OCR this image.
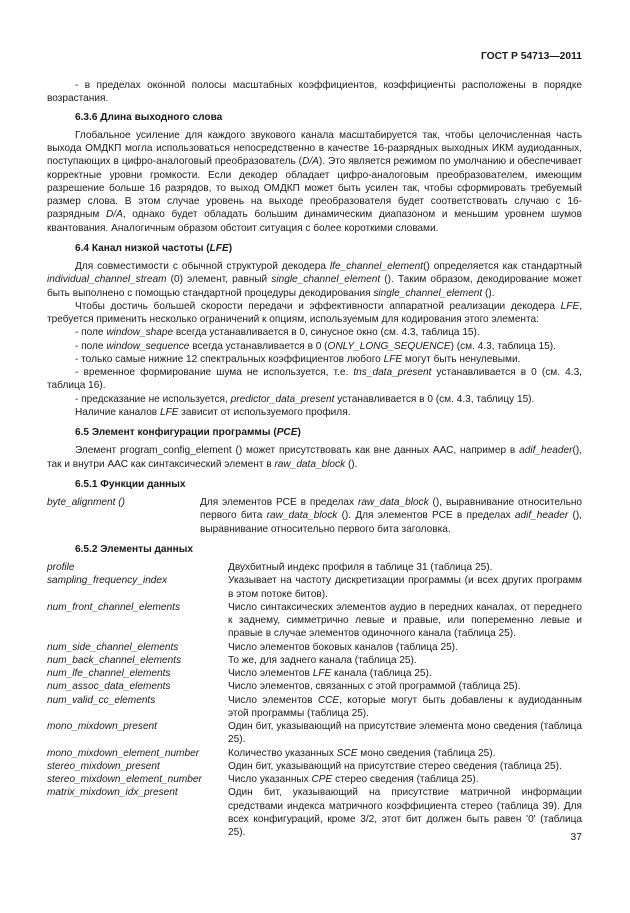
ГОСТ Р 54713—2011

- в пределах оконной полосы масштабных коэффициентов, коэффициенты расположены в порядке возрастания.

6.3.6 Длина выходного слова

Глобальное усиление для каждого звукового канала масштабируется так, чтобы целочисленная часть выхода ОМДКП могла использоваться непосредственно в качестве 16-разрядных выходных ИКМ аудиоданных, поступающих в цифро-аналоговый преобразователь (D/A). Это является режимом по умолчанию и обеспечивает корректные уровни громкости. Если декодер обладает цифро-аналоговым преобразователем, имеющим разрешение больше 16 разрядов, то выход ОМДКП может быть усилен так, чтобы сформировать требуемый размер слова. В этом случае уровень на выходе преобразователя будет соответствовать случаю с 16-разрядным D/A, однако будет обладать большим динамическим диапазоном и меньшим уровнем шумов квантования. Аналогичным образом обстоит ситуация с более короткими словами.

6.4 Канал низкой частоты (LFE)

Для совместимости с обычной структурой декодера lfe_channel_element() определяется как стандартный individual_channel_stream (0) элемент, равный single_channel_element (). Таким образом, декодирование может быть выполнено с помощью стандартной процедуры декодирования single_channel_element ().

Чтобы достичь большей скорости передачи и эффективности аппаратной реализации декодера LFE, требуется применить несколько ограничений к опциям, используемым для кодирования этого элемента:

- поле window_shape всегда устанавливается в 0, синусное окно (см. 4.3, таблица 15).

- поле window_sequence всегда устанавливается в 0 (ONLY_LONG_SEQUENCE) (см. 4.3, таблица 15).

- только самые нижние 12 спектральных коэффициентов любого LFE могут быть ненулевыми.

- временное формирование шума не используется, т.е. tns_data_present устанавливается в 0 (см. 4.3, таблица 16).

- предсказание не используется, predictor_data_present устанавливается в 0 (см. 4.3, таблицу 15).

Наличие каналов LFE зависит от используемого профиля.

6.5 Элемент конфигурации программы (PCE)

Элемент program_config_element () может присутствовать как вне данных ААС, например в adif_header(), так и внутри ААС как синтаксический элемент в raw_data_block ().

6.5.1 Функции данных

byte_alignment ()	Для элементов РСЕ в пределах raw_data_block (), выравнивание относительно первого бита raw_data_block (). Для элементов РСЕ в пределах adif_header (), выравнивание относительно первого бита заголовка.

6.5.2 Элементы данных

profile	Двухбитный индекс профиля в таблице 31 (таблица 25).
sampling_frequency_index	Указывает на частоту дискретизации программы (и всех других программ в этом потоке битов).
num_front_channel_elements	Число синтаксических элементов аудио в передних каналах, от переднего к заднему, симметрично левые и правые, или попеременно левые и правые в случае элементов одиночного канала (таблица 25).
num_side_channel_elements	Число элементов боковых каналов (таблица 25).
num_back_channel_elements	То же, для заднего канала (таблица 25).
num_lfe_channel_elements	Число элементов LFE канала (таблица 25).
num_assoc_data_elements	Число элементов, связанных с этой программой (таблица 25).
num_valid_cc_elements	Число элементов CCE, которые могут быть добавлены к аудиоданным этой программы (таблица 25).
mono_mixdown_present	Один бит, указывающий на присутствие элемента моно сведения (таблица 25).
mono_mixdown_element_number	Количество указанных SCE моно сведения (таблица 25).
stereo_mixdown_present	Один бит, указывающий на присутствие стерео сведения (таблица 25).
stereo_mixdown_element_number	Число указанных CPE стерео сведения (таблица 25).
matrix_mixdown_idx_present	Один бит, указывающий на присутствие матричной информации средствами индекса матричного коэффициента стерео (таблица 39). Для всех конфигураций, кроме 3/2, этот бит должен быть равен '0' (таблица 25).	37
